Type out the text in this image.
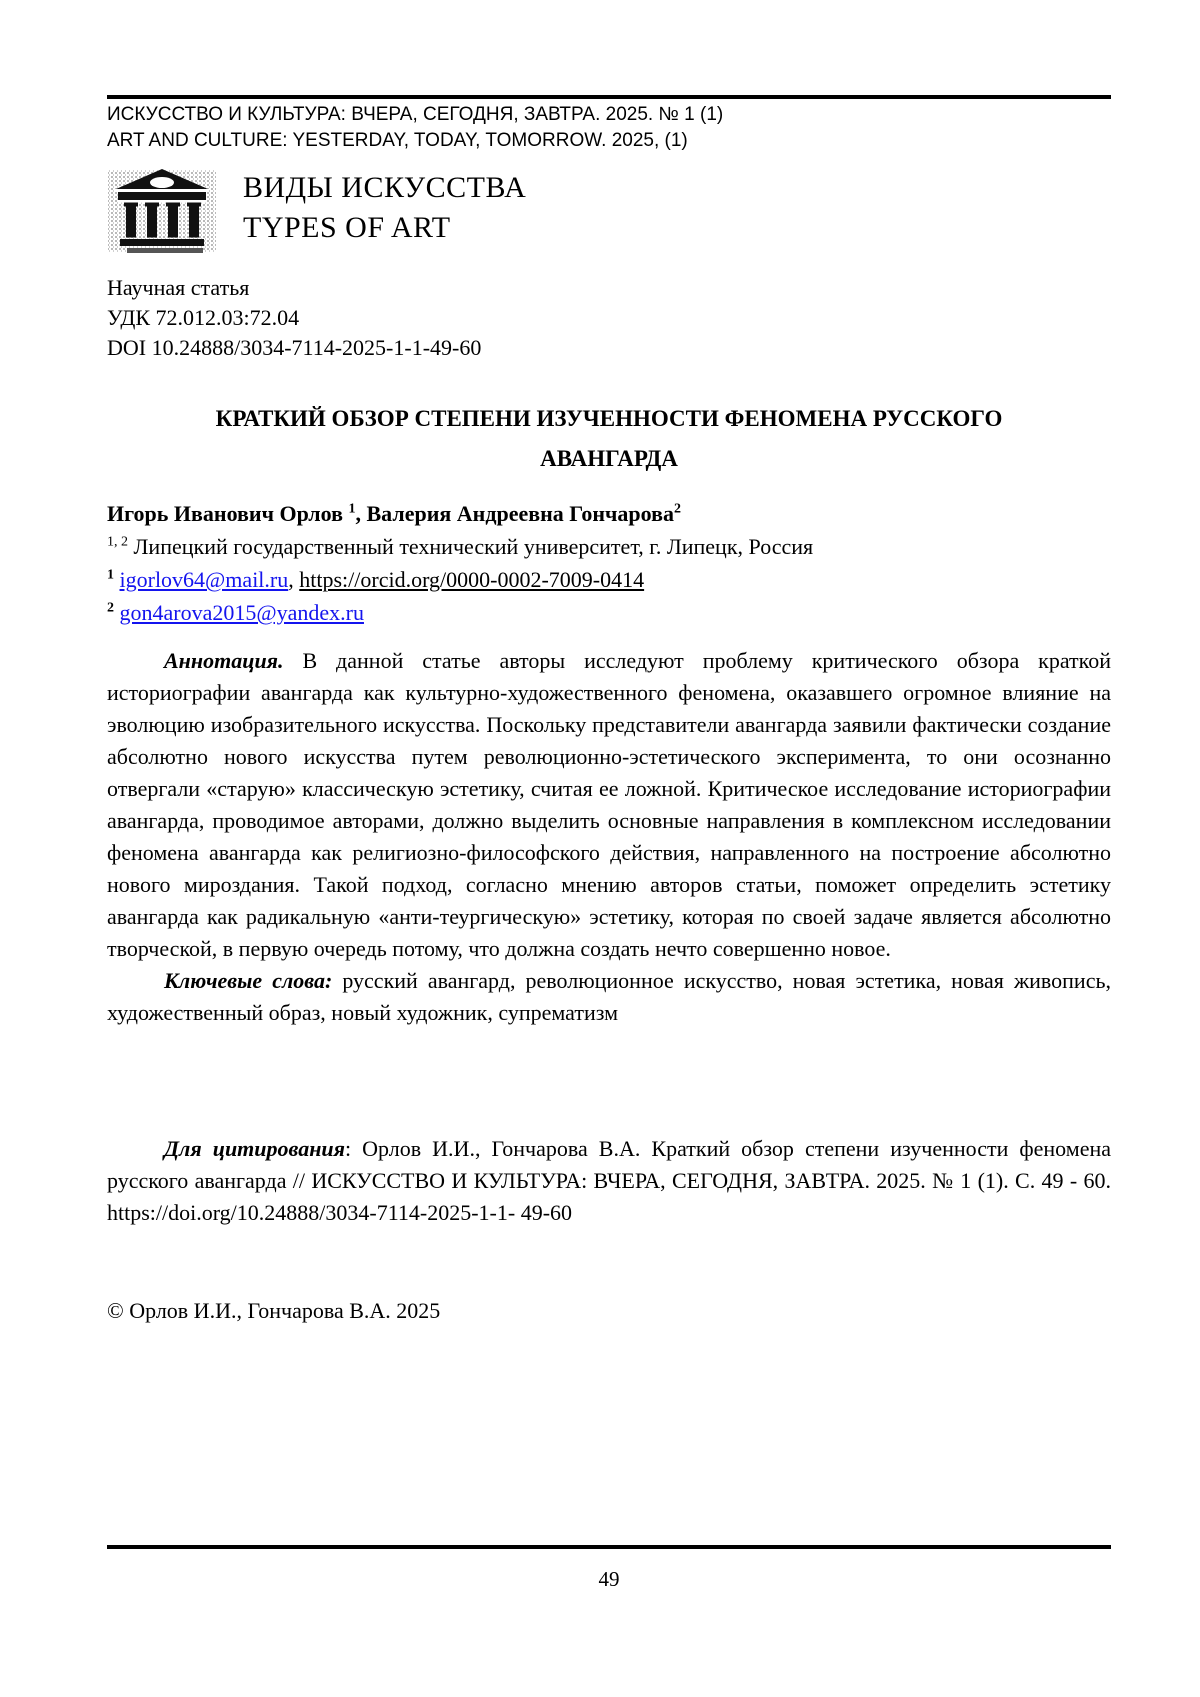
ИСКУССТВО И КУЛЬТУРА: ВЧЕРА, СЕГОДНЯ, ЗАВТРА. 2025. № 1 (1)
ART AND CULTURE: YESTERDAY, TODAY, TOMORROW. 2025, (1)
ВИДЫ ИСКУССТВА
TYPES OF ART
Научная статья
УДК 72.012.03:72.04
DOI 10.24888/3034-7114-2025-1-1-49-60
КРАТКИЙ ОБЗОР СТЕПЕНИ ИЗУЧЕННОСТИ ФЕНОМЕНА РУССКОГО
АВАНГАРДА
Игорь Иванович Орлов $^1$, Валерия Андреевна Гончарова$^2$
$^{1, 2}$ Липецкий государственный технический университет, г. Липецк, Россия
$^1$ igorlov64@mail.ru, https://orcid.org/0000-0002-7009-0414
$^2$ gon4arova2015@yandex.ru

Аннотация. В данной статье авторы исследуют проблему критического обзора краткой историографии авангарда как культурно-художественного феномена, оказавшего огромное влияние на эволюцию изобразительного искусства. Поскольку представители авангарда заявили фактически создание абсолютно нового искусства путем революционно-эстетического эксперимента, то они осознанно отвергали «старую» классическую эстетику, считая ее ложной. Критическое исследование историографии авангарда, проводимое авторами, должно выделить основные направления в комплексном исследовании феномена авангарда как религиозно-философского действия, направленного на построение абсолютно нового мироздания. Такой подход, согласно мнению авторов статьи, поможет определить эстетику авангарда как радикальную «анти-теургическую» эстетику, которая по своей задаче является абсолютно творческой, в первую очередь потому, что должна создать нечто совершенно новое.

Ключевые слова: русский авангард, революционное искусство, новая эстетика, новая живопись, художественный образ, новый художник, супрематизм

Для цитирования: Орлов И.И., Гончарова В.А. Краткий обзор степени изученности феномена русского авангарда // ИСКУССТВО И КУЛЬТУРА: ВЧЕРА, СЕГОДНЯ, ЗАВТРА. 2025. № 1 (1). С. 49 - 60. https://doi.org/10.24888/3034-7114-2025-1-1- 49-60

© Орлов И.И., Гончарова В.А. 2025
49
